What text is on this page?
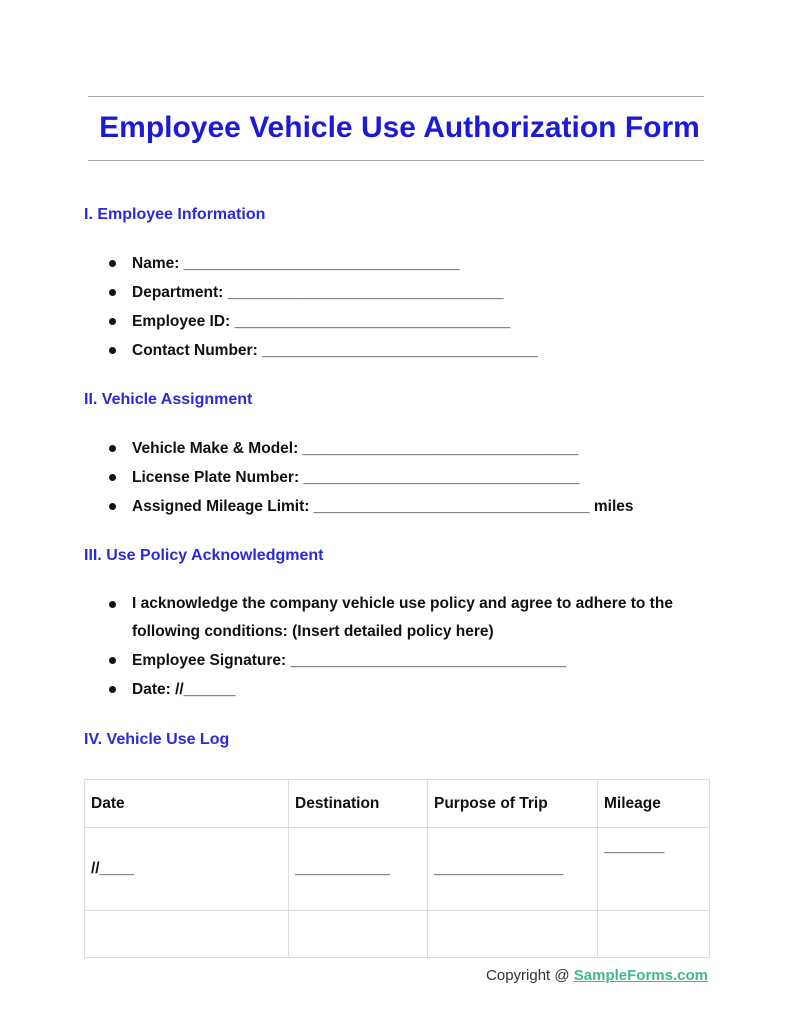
Employee Vehicle Use Authorization Form
I. Employee Information
Name: ________________________________
Department: ________________________________
Employee ID: ________________________________
Contact Number: ________________________________
II. Vehicle Assignment
Vehicle Make & Model: ________________________________
License Plate Number: ________________________________
Assigned Mileage Limit: ________________________________ miles
III. Use Policy Acknowledgment
I acknowledge the company vehicle use policy and agree to adhere to the following conditions: (Insert detailed policy here)
Employee Signature: ________________________________
Date: //______
IV. Vehicle Use Log
Date	Destination	Purpose of Trip	Mileage
//____	___________	_______________	_______

Copyright @ SampleForms.com
